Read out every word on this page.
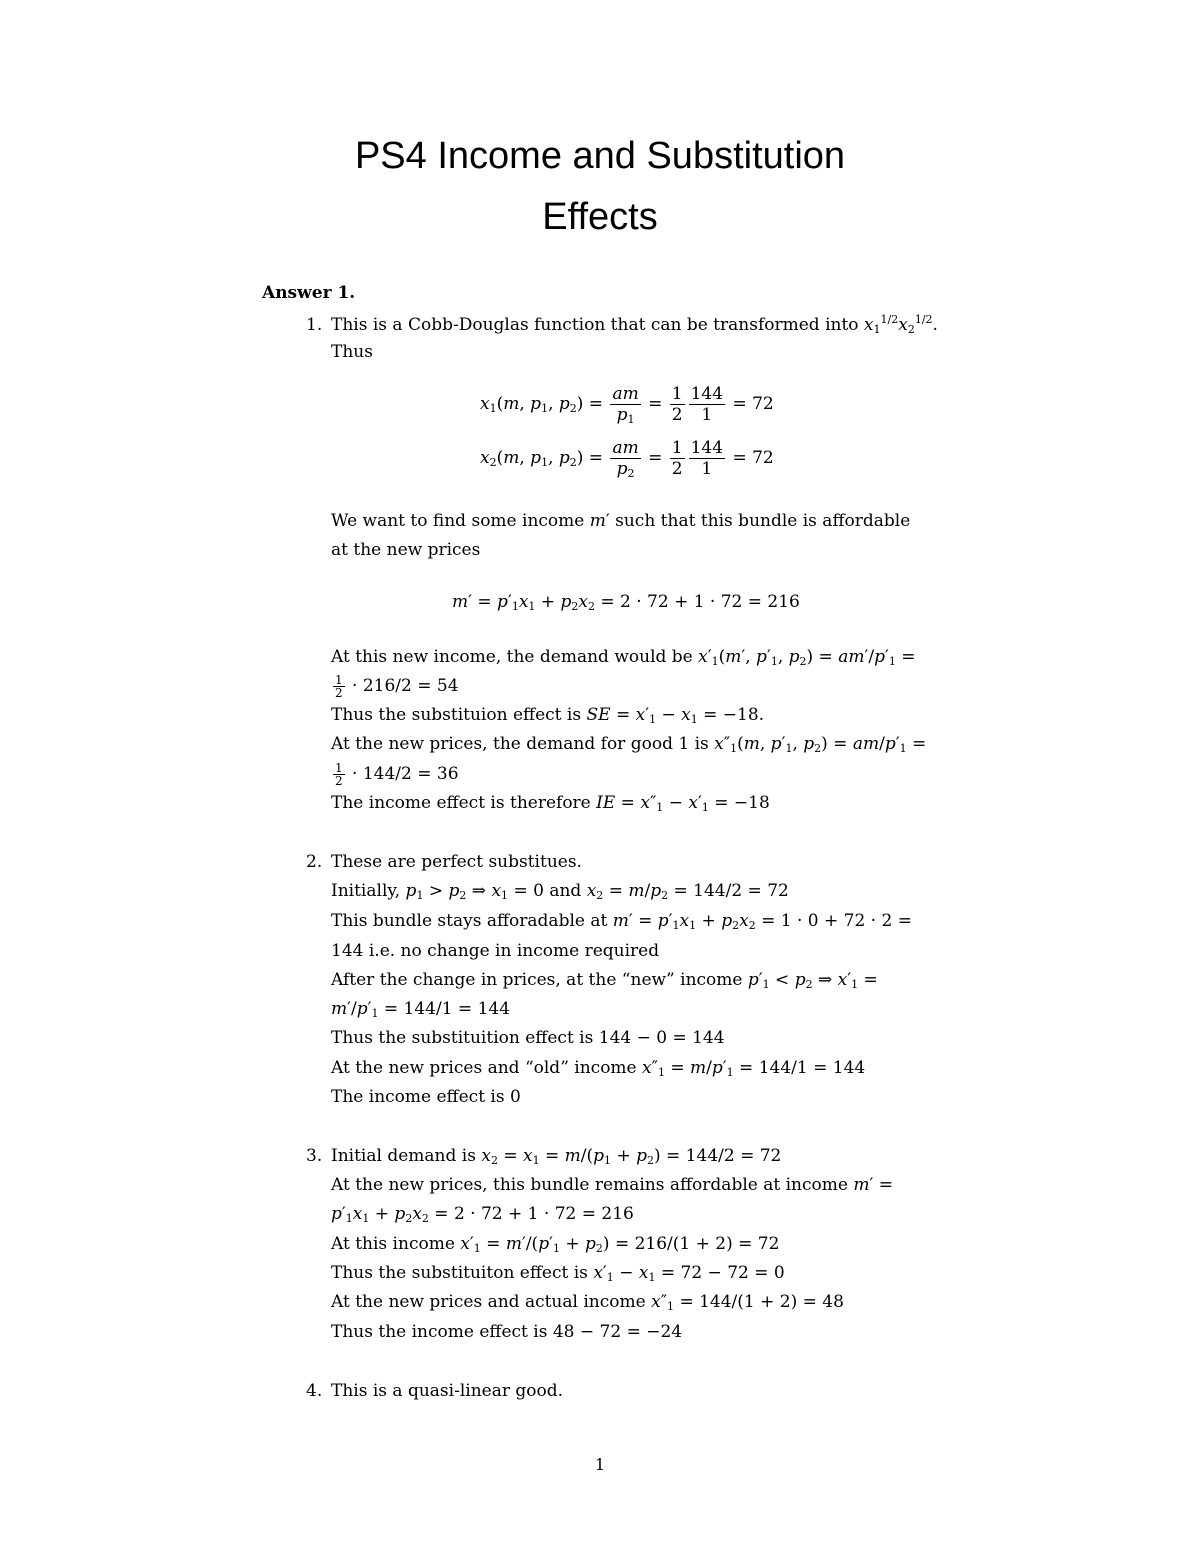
PS4 Income and Substitution
Effects
Answer 1.
1. This is a Cobb-Douglas function that can be transformed into $x_1^{1/2}x_2^{1/2}$.
Thus
$x_1(m$, $p_1$, $p_2) = \frac{am}{p_1} = \frac{1}{2} \frac{144}{1} = 72$
$x_2(m$, $p_1$, $p_2) = \frac{am}{p_2} = \frac{1}{2} \frac{144}{1} = 72$
We want to find some income m′ such that this bundle is affordable
at the new prices
$m' = p'_1x_1 + p_2x_2 = 2 \cdot 72 + 1 \cdot 72 = 216$
At this new income, the demand would be $x'_1(m'$, $p'_1$, $p_2) = am'/p'_1$ =
$\frac{1}{2} \cdot 216/2 = 54$
Thus the substituion effect is SE = $x'_1 - x_1 = -18$.
At the new prices, the demand for good 1 is $x''_1(m$, $p'_1$, $p_2) = am/p'_1$ =
$\frac{1}{2} \cdot 144/2 = 36$
The income effect is therefore IE = $x''_1 - x'_1 = -18$
2. These are perfect substitues.
Initially, $p_1 > p_2$ ⇒ $x_1 = 0$ and $x_2 = m/p_2 = 144/2 = 72$
This bundle stays afforadable at $m' = p'_1x_1 + p_2x_2 = 1 \cdot 0 + 72 \cdot 2$ =
144 i.e. no change in income required
After the change in prices, at the “new” income $p'_1 < p_2$ ⇒ $x'_1$ =
$m'/p'_1 = 144/1 = 144$
Thus the substituition effect is 144 − 0 = 144
At the new prices and “old” income $x''_1 = m/p'_1 = 144/1 = 144$
The income effect is 0
3. Initial demand is $x_2 = x_1 = m/(p_1 + p_2) = 144/2 = 72$
At the new prices, this bundle remains affordable at income m′ =
$p'_1x_1 + p_2x_2 = 2 \cdot 72 + 1 \cdot 72 = 216$
At this income $x'_1 = m'/(p'_1 + p_2) = 216/(1 + 2) = 72$
Thus the substituiton effect is $x'_1 - x_1 = 72 - 72 = 0$
At the new prices and actual income $x''_1 = 144/(1 + 2) = 48$
Thus the income effect is 48 − 72 = −24
4. This is a quasi-linear good.
1
